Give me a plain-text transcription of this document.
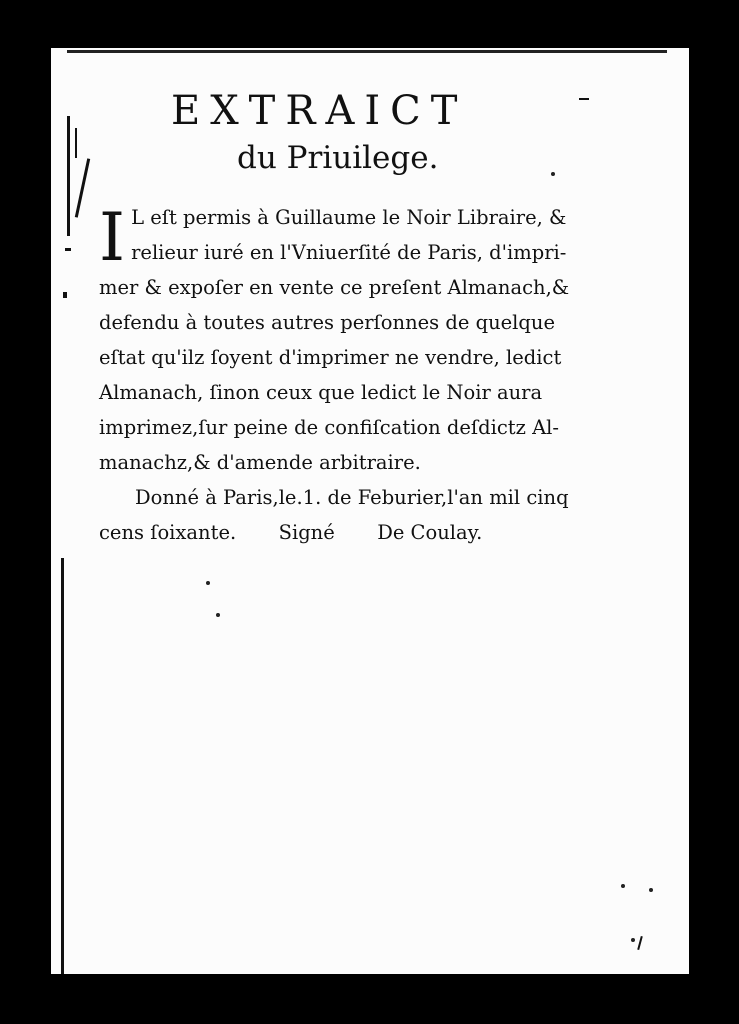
EXTRAICT
du Priuilege.
I L eſt permis à Guillaume le Noir Libraire, &
relieur iuré en l'Vniuerſité de Paris, d'impri-
mer & expoſer en vente ce preſent Almanach,&
defendu à toutes autres perſonnes de quelque
eſtat qu'ilz ſoyent d'imprimer ne vendre, ledict
Almanach, ſinon ceux que ledict le Noir aura
imprimez,ſur peine de confiſcation deſdictz Al-
manachz,& d'amende arbitraire.
Donné à Paris,le.1. de Feburier,l'an mil cinq
cens ſoixante. Signé De Coulay.
